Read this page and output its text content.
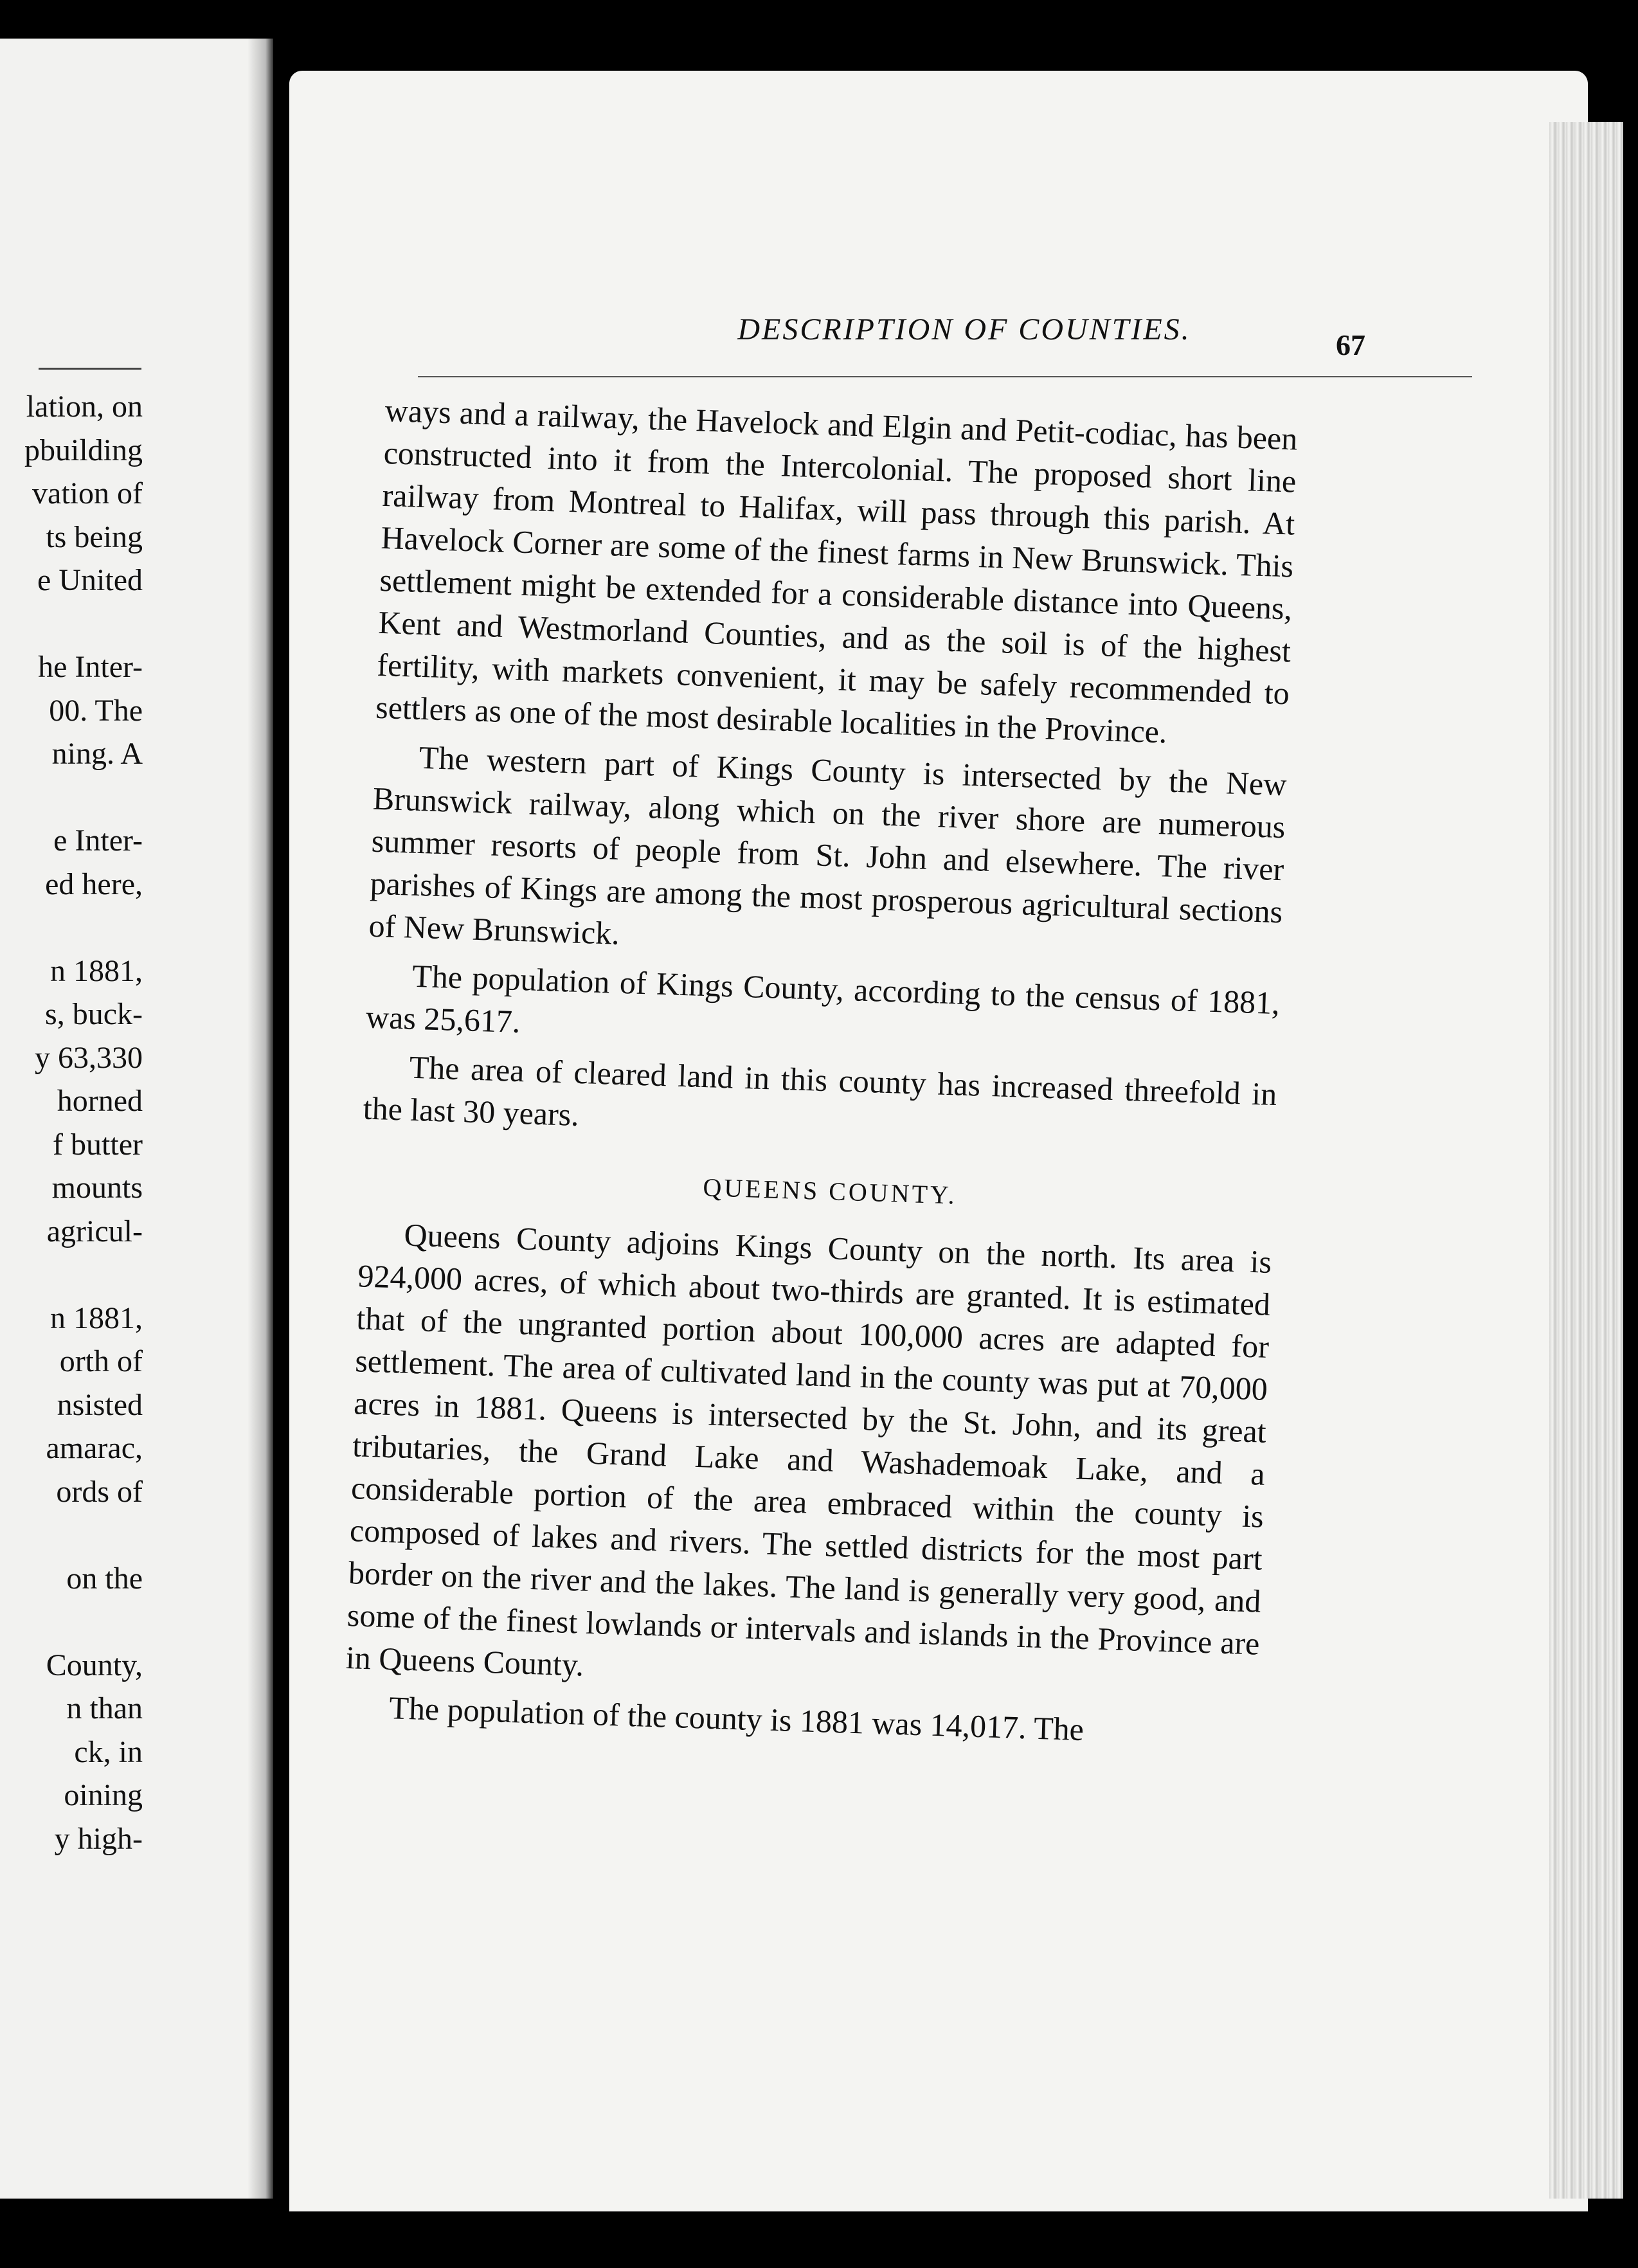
lation, on
pbuilding
vation of
ts being
e United
he Inter-
00. The
ning. A
e Inter-
ed here,
n 1881,
s, buck-
y 63,330
horned
f butter
mounts
agricul-
n 1881,
orth of
nsisted
amarac,
ords of
on the
County,
n than
ck, in
oining
y high-
DESCRIPTION OF COUNTIES.	67

ways and a railway, the Havelock and Elgin and Petit-codiac, has been constructed into it from the Intercolonial. The proposed short line railway from Montreal to Halifax, will pass through this parish. At Havelock Corner are some of the finest farms in New Brunswick. This settlement might be extended for a considerable distance into Queens, Kent and Westmorland Counties, and as the soil is of the highest fertility, with markets convenient, it may be safely recommended to settlers as one of the most desirable localities in the Province.

The western part of Kings County is intersected by the New Brunswick railway, along which on the river shore are numerous summer resorts of people from St. John and elsewhere. The river parishes of Kings are among the most prosperous agricultural sections of New Brunswick.

The population of Kings County, according to the census of 1881, was 25,617.

The area of cleared land in this county has increased threefold in the last 30 years.

QUEENS COUNTY.

Queens County adjoins Kings County on the north. Its area is 924,000 acres, of which about two-thirds are granted. It is estimated that of the ungranted portion about 100,000 acres are adapted for settlement. The area of cultivated land in the county was put at 70,000 acres in 1881. Queens is intersected by the St. John, and its great tributaries, the Grand Lake and Washademoak Lake, and a considerable portion of the area embraced within the county is composed of lakes and rivers. The settled districts for the most part border on the river and the lakes. The land is generally very good, and some of the finest lowlands or intervals and islands in the Province are in Queens County.

The population of the county is 1881 was 14,017. The
